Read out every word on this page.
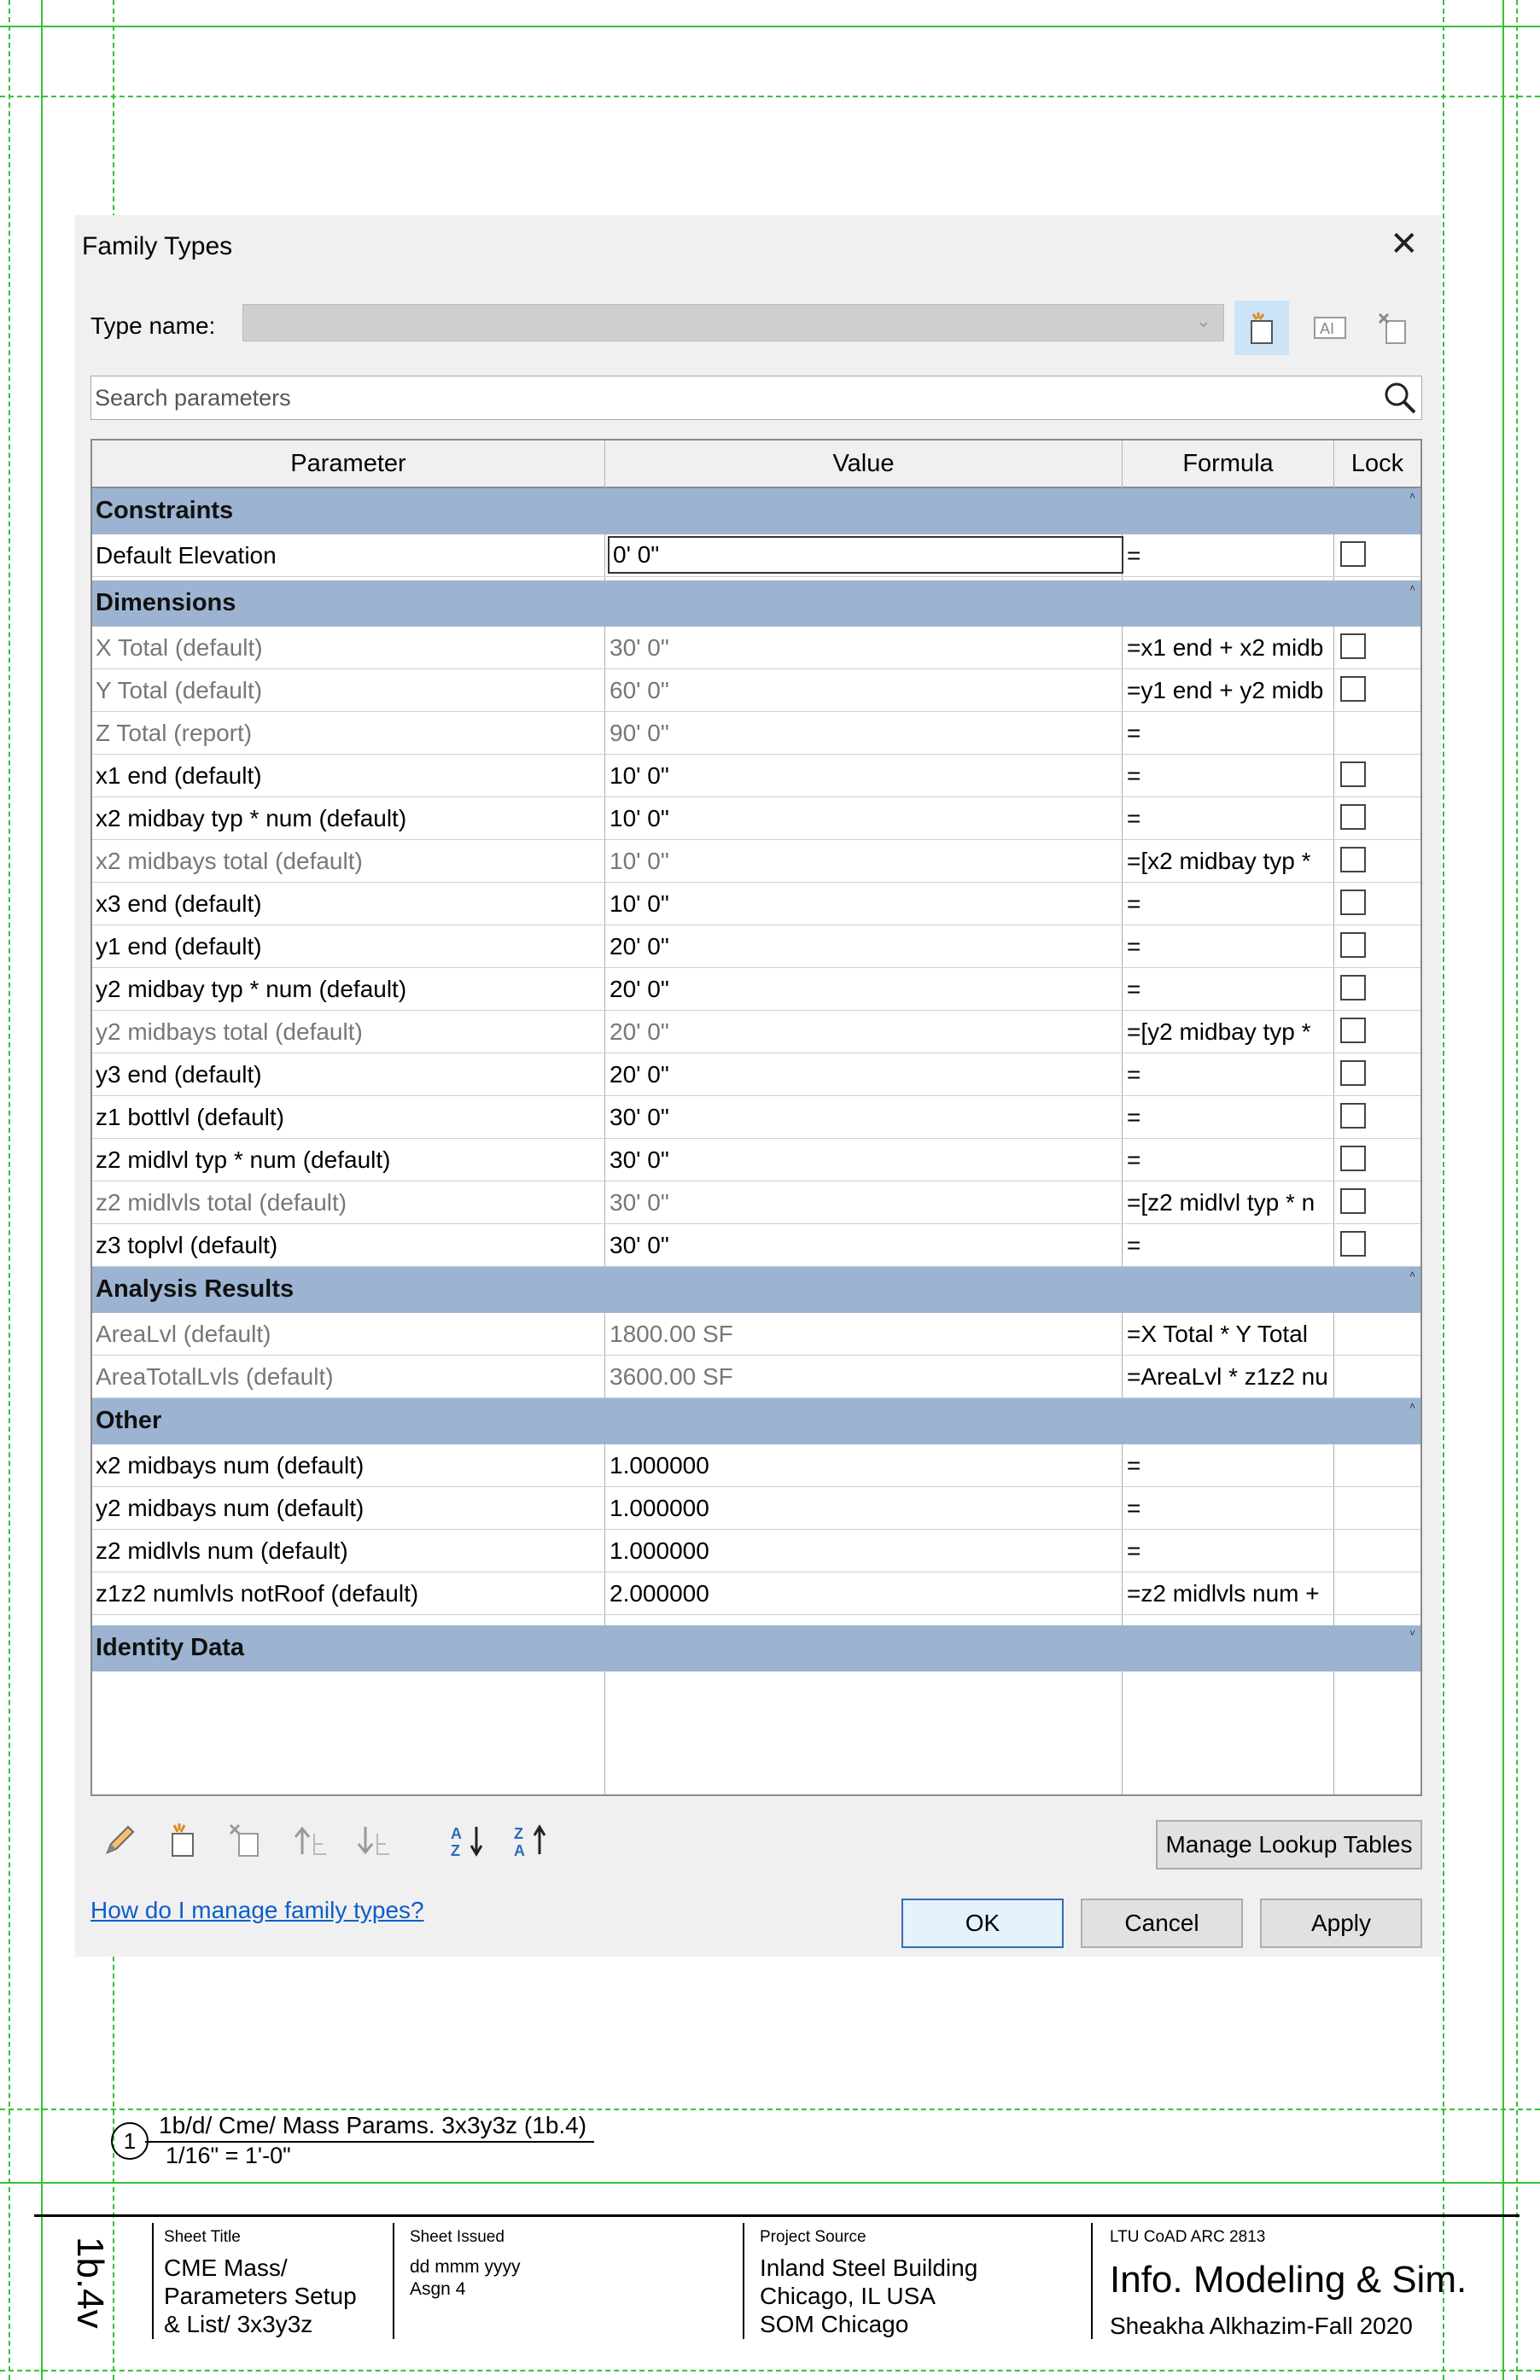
Family Types	✕
Type name:	⌄	AI
Search parameters
Parameter	Value	Formula	Lock
Constraints
˄
Default Elevation	0' 0"	=
Dimensions
˄
X Total (default)	30' 0"	=x1 end + x2 midb
Y Total (default)	60' 0"	=y1 end + y2 midb
Z Total (report)	90' 0"	=
x1 end (default)	10' 0"	=
x2 midbay typ * num (default)	10' 0"	=
x2 midbays total (default)	10' 0"	=[x2 midbay typ *
x3 end (default)	10' 0"	=
y1 end (default)	20' 0"	=
y2 midbay typ * num (default)	20' 0"	=
y2 midbays total (default)	20' 0"	=[y2 midbay typ *
y3 end (default)	20' 0"	=
z1 bottlvl (default)	30' 0"	=
z2 midlvl typ * num (default)	30' 0"	=
z2 midlvls total (default)	30' 0"	=[z2 midlvl typ * n
z3 toplvl (default)	30' 0"	=
Analysis Results
˄
AreaLvl (default)	1800.00 SF	=X Total * Y Total
AreaTotalLvls (default)	3600.00 SF	=AreaLvl * z1z2 nu
Other
˄
x2 midbays num (default)	1.000000	=
y2 midbays num (default)	1.000000	=
z2 midlvls num (default)	1.000000	=
z1z2 numlvls notRoof (default)	2.000000	=z2 midlvls num +
Identity Data
˅
A
Z
Z
A	Manage Lookup Tables
How do I manage family types?	OK	Cancel	Apply
1
1b/d/ Cme/ Mass Params. 3x3y3z (1b.4)
1/16" = 1'-0"
1b.4v	Sheet Title
CME Mass/
Parameters Setup
& List/ 3x3y3z
Sheet Issued
dd mmm yyyy
Asgn 4
Project Source
Inland Steel Building
Chicago, IL USA
SOM Chicago
LTU CoAD ARC 2813
Info. Modeling & Sim.
Sheakha Alkhazim-Fall 2020
